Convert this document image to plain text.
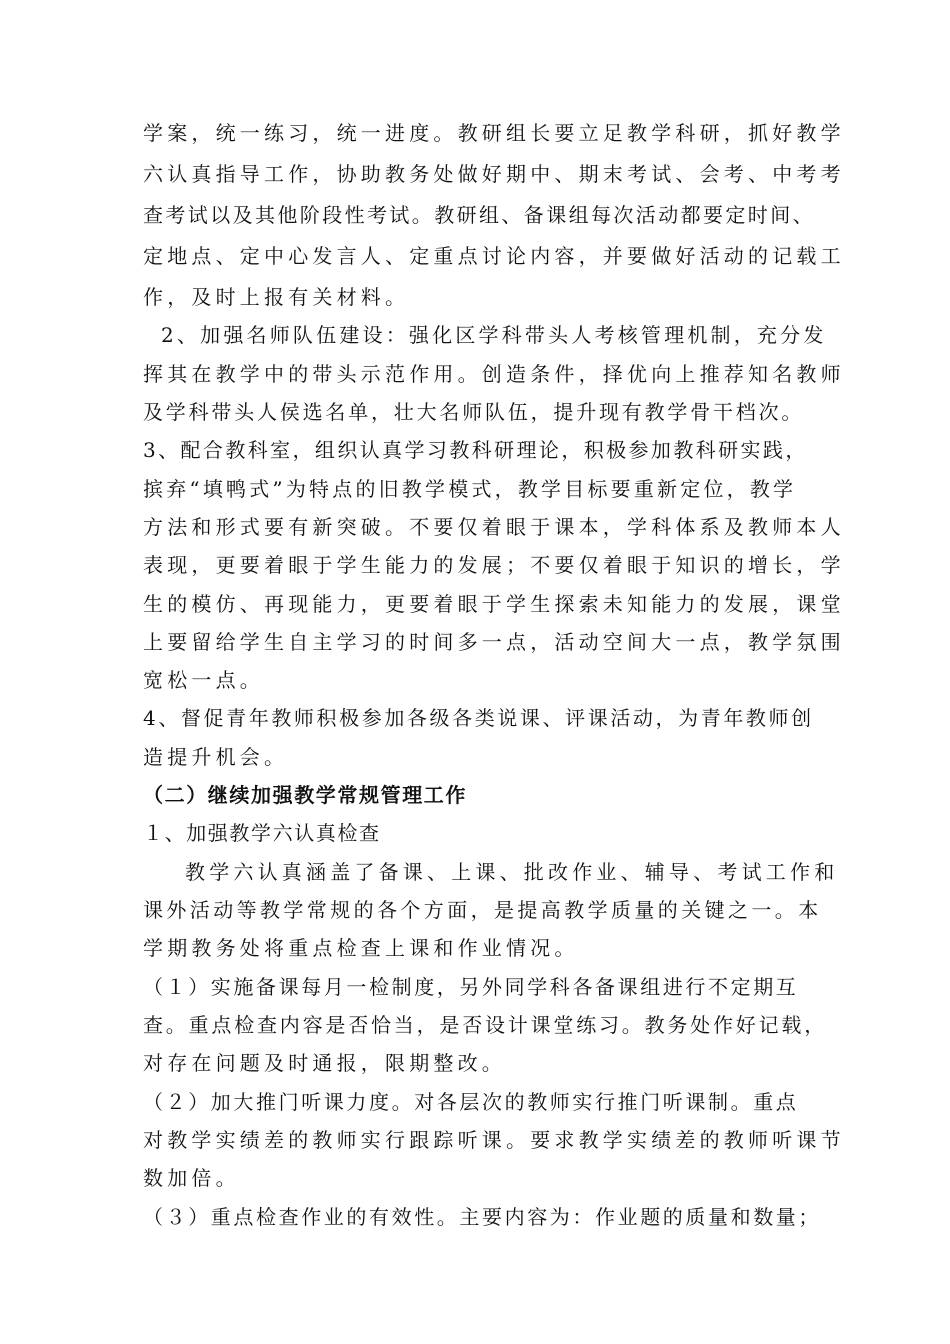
学案，统一练习，统一进度。教研组长要立足教学科研，抓好教学
六认真指导工作，协助教务处做好期中、期末考试、会考、中考考
查考试以及其他阶段性考试。教研组、备课组每次活动都要定时间、
定地点、定中心发言人、定重点讨论内容，并要做好活动的记载工
作，及时上报有关材料。
2、加强名师队伍建设：强化区学科带头人考核管理机制，充分发
挥其在教学中的带头示范作用。创造条件，择优向上推荐知名教师
及学科带头人侯选名单，壮大名师队伍，提升现有教学骨干档次。
3、配合教科室，组织认真学习教科研理论，积极参加教科研实践，
摈弃“填鸭式”为特点的旧教学模式，教学目标要重新定位，教学
方法和形式要有新突破。不要仅着眼于课本，学科体系及教师本人
表现，更要着眼于学生能力的发展；不要仅着眼于知识的增长，学
生的模仿、再现能力，更要着眼于学生探索未知能力的发展，课堂
上要留给学生自主学习的时间多一点，活动空间大一点，教学氛围
宽松一点。
4、督促青年教师积极参加各级各类说课、评课活动，为青年教师创
造提升机会。
（二）继续加强教学常规管理工作
１、加强教学六认真检查
教学六认真涵盖了备课、上课、批改作业、辅导、考试工作和
课外活动等教学常规的各个方面，是提高教学质量的关键之一。本
学期教务处将重点检查上课和作业情况。
（１）实施备课每月一检制度，另外同学科各备课组进行不定期互
查。重点检查内容是否恰当，是否设计课堂练习。教务处作好记载，
对存在问题及时通报，限期整改。
（２）加大推门听课力度。对各层次的教师实行推门听课制。重点
对教学实绩差的教师实行跟踪听课。要求教学实绩差的教师听课节
数加倍。
（３）重点检查作业的有效性。主要内容为：作业题的质量和数量；
